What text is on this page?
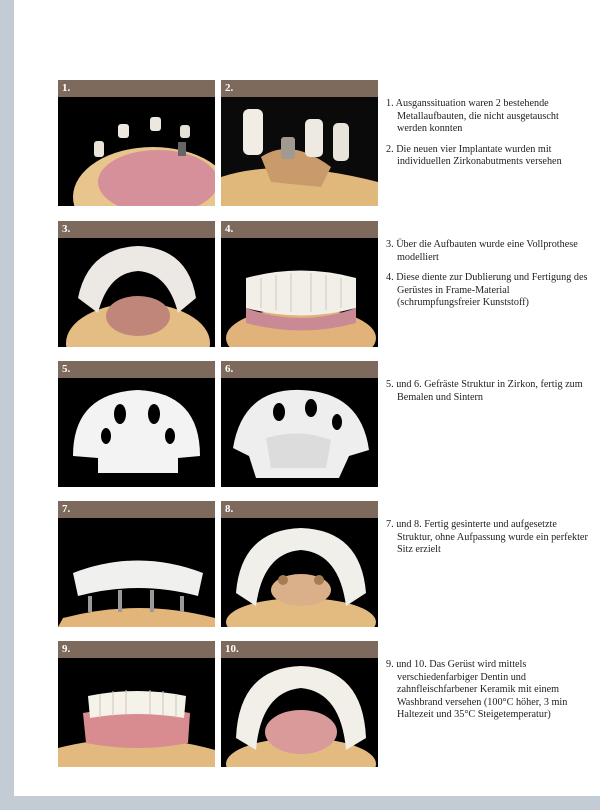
Zirkon zahn ®
1.	2.

1. Ausganssituation waren 2 bestehende Metallaufbauten, die nicht ausgetauscht werden konnten

2. Die neuen vier Implantate wurden mit individuellen Zirkonabutments versehen

3.	4.

3. Über die Aufbauten wurde eine Vollprothese modelliert

4. Diese diente zur Dublierung und Fertigung des Gerüstes in Frame-Material (schrumpfungsfreier Kunststoff)

5.	6.

5. und 6. Gefräste Struktur in Zirkon, fertig zum Bemalen und Sintern

7.	8.

7. und 8. Fertig gesinterte und aufgesetzte Struktur, ohne Aufpassung wurde ein perfekter Sitz erzielt

9.	10.

9. und 10. Das Gerüst wird mittels verschiedenfarbiger Dentin und zahnfleischfarbener Keramik mit einem Washbrand versehen (100°C höher, 3 min Haltezeit und 35°C Steigetemperatur)
